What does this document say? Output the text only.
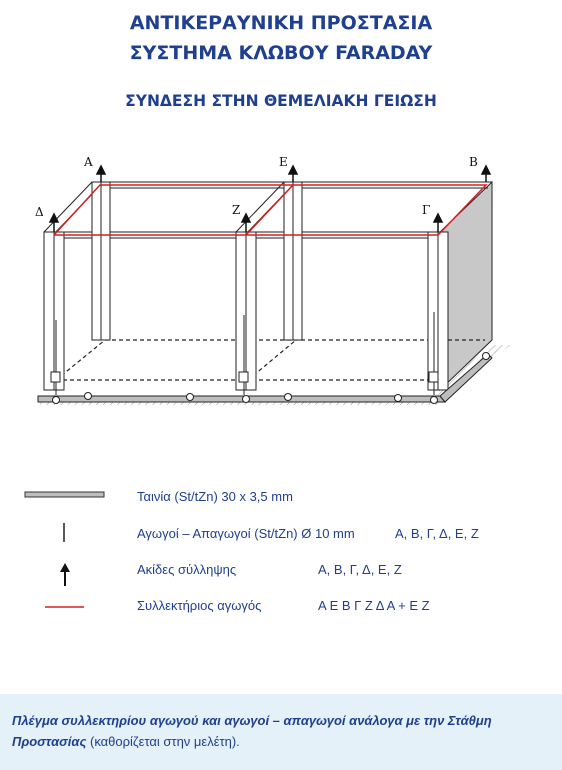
ΑΝΤΙΚΕΡΑΥΝΙΚΗ ΠΡΟΣΤΑΣΙΑ
ΣΥΣΤΗΜΑ ΚΛΩΒΟΥ FARADAY
ΣΥΝΔΕΣΗ ΣΤΗΝ ΘΕΜΕΛΙΑΚΗ ΓΕΙΩΣΗ
Α	Ε	Β
Δ	Ζ	Γ
Ταινία (St/tZn) 30 x 3,5 mm
Αγωγοί – Απαγωγοί (St/tZn) Ø 10 mm	Α, Β, Γ, Δ, Ε, Ζ
Ακίδες σύλληψης	Α, Β, Γ, Δ, Ε, Ζ
Συλλεκτήριος αγωγός	Α Ε Β Γ Ζ Δ Α + Ε Ζ

Πλέγμα συλλεκτηρίου αγωγού και αγωγοί – απαγωγοί ανάλογα με την Στάθμη Προστασίας (καθορίζεται στην μελέτη).
